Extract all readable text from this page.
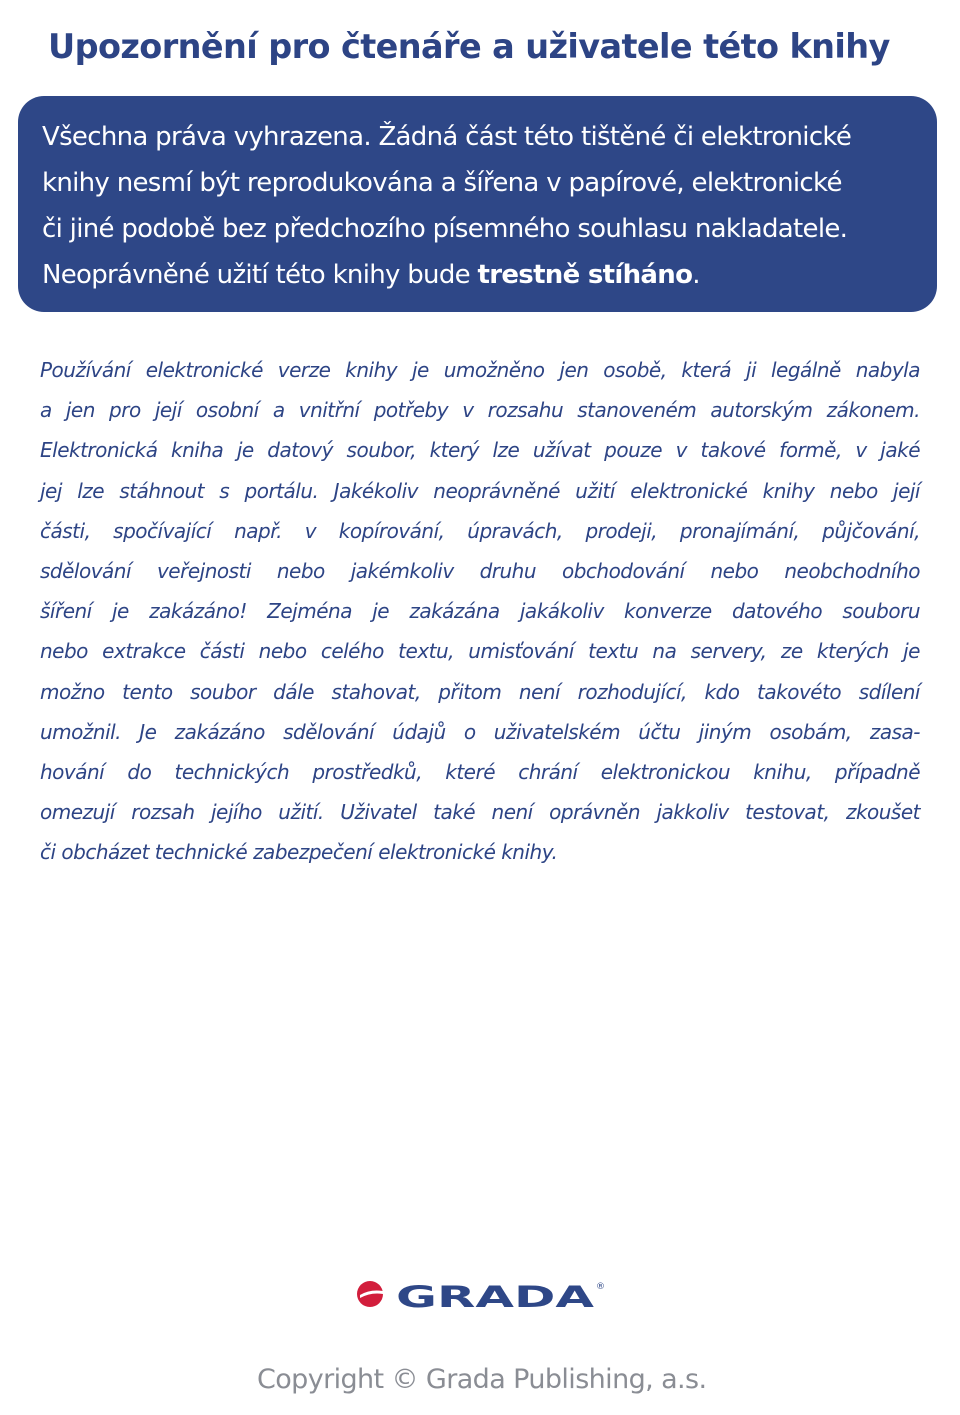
Upozornění pro čtenáře a uživatele této knihy
Všechna práva vyhrazena. Žádná část této tištěné či elektronické
knihy nesmí být reprodukována a šířena v papírové, elektronické
či jiné podobě bez předchozího písemného souhlasu nakladatele.
Neoprávněné užití této knihy bude trestně stíháno.
Používání elektronické verze knihy je umožněno jen osobě, která ji legálně nabyla
a jen pro její osobní a vnitřní potřeby v rozsahu stanoveném autorským zákonem.
Elektronická kniha je datový soubor, který lze užívat pouze v takové formě, v jaké
jej lze stáhnout s portálu. Jakékoliv neoprávněné užití elektronické knihy nebo její
části, spočívající např. v kopírování, úpravách, prodeji, pronajímání, půjčování,
sdělování veřejnosti nebo jakémkoliv druhu obchodování nebo neobchodního
šíření je zakázáno! Zejména je zakázána jakákoliv konverze datového souboru
nebo extrakce části nebo celého textu, umisťování textu na servery, ze kterých je
možno tento soubor dále stahovat, přitom není rozhodující, kdo takovéto sdílení
umožnil. Je zakázáno sdělování údajů o uživatelském účtu jiným osobám, zasa-
hování do technických prostředků, které chrání elektronickou knihu, případně
omezují rozsah jejího užití. Uživatel také není oprávněn jakkoliv testovat, zkoušet
či obcházet technické zabezpečení elektronické knihy.
GRADA ®
Copyright © Grada Publishing, a.s.
